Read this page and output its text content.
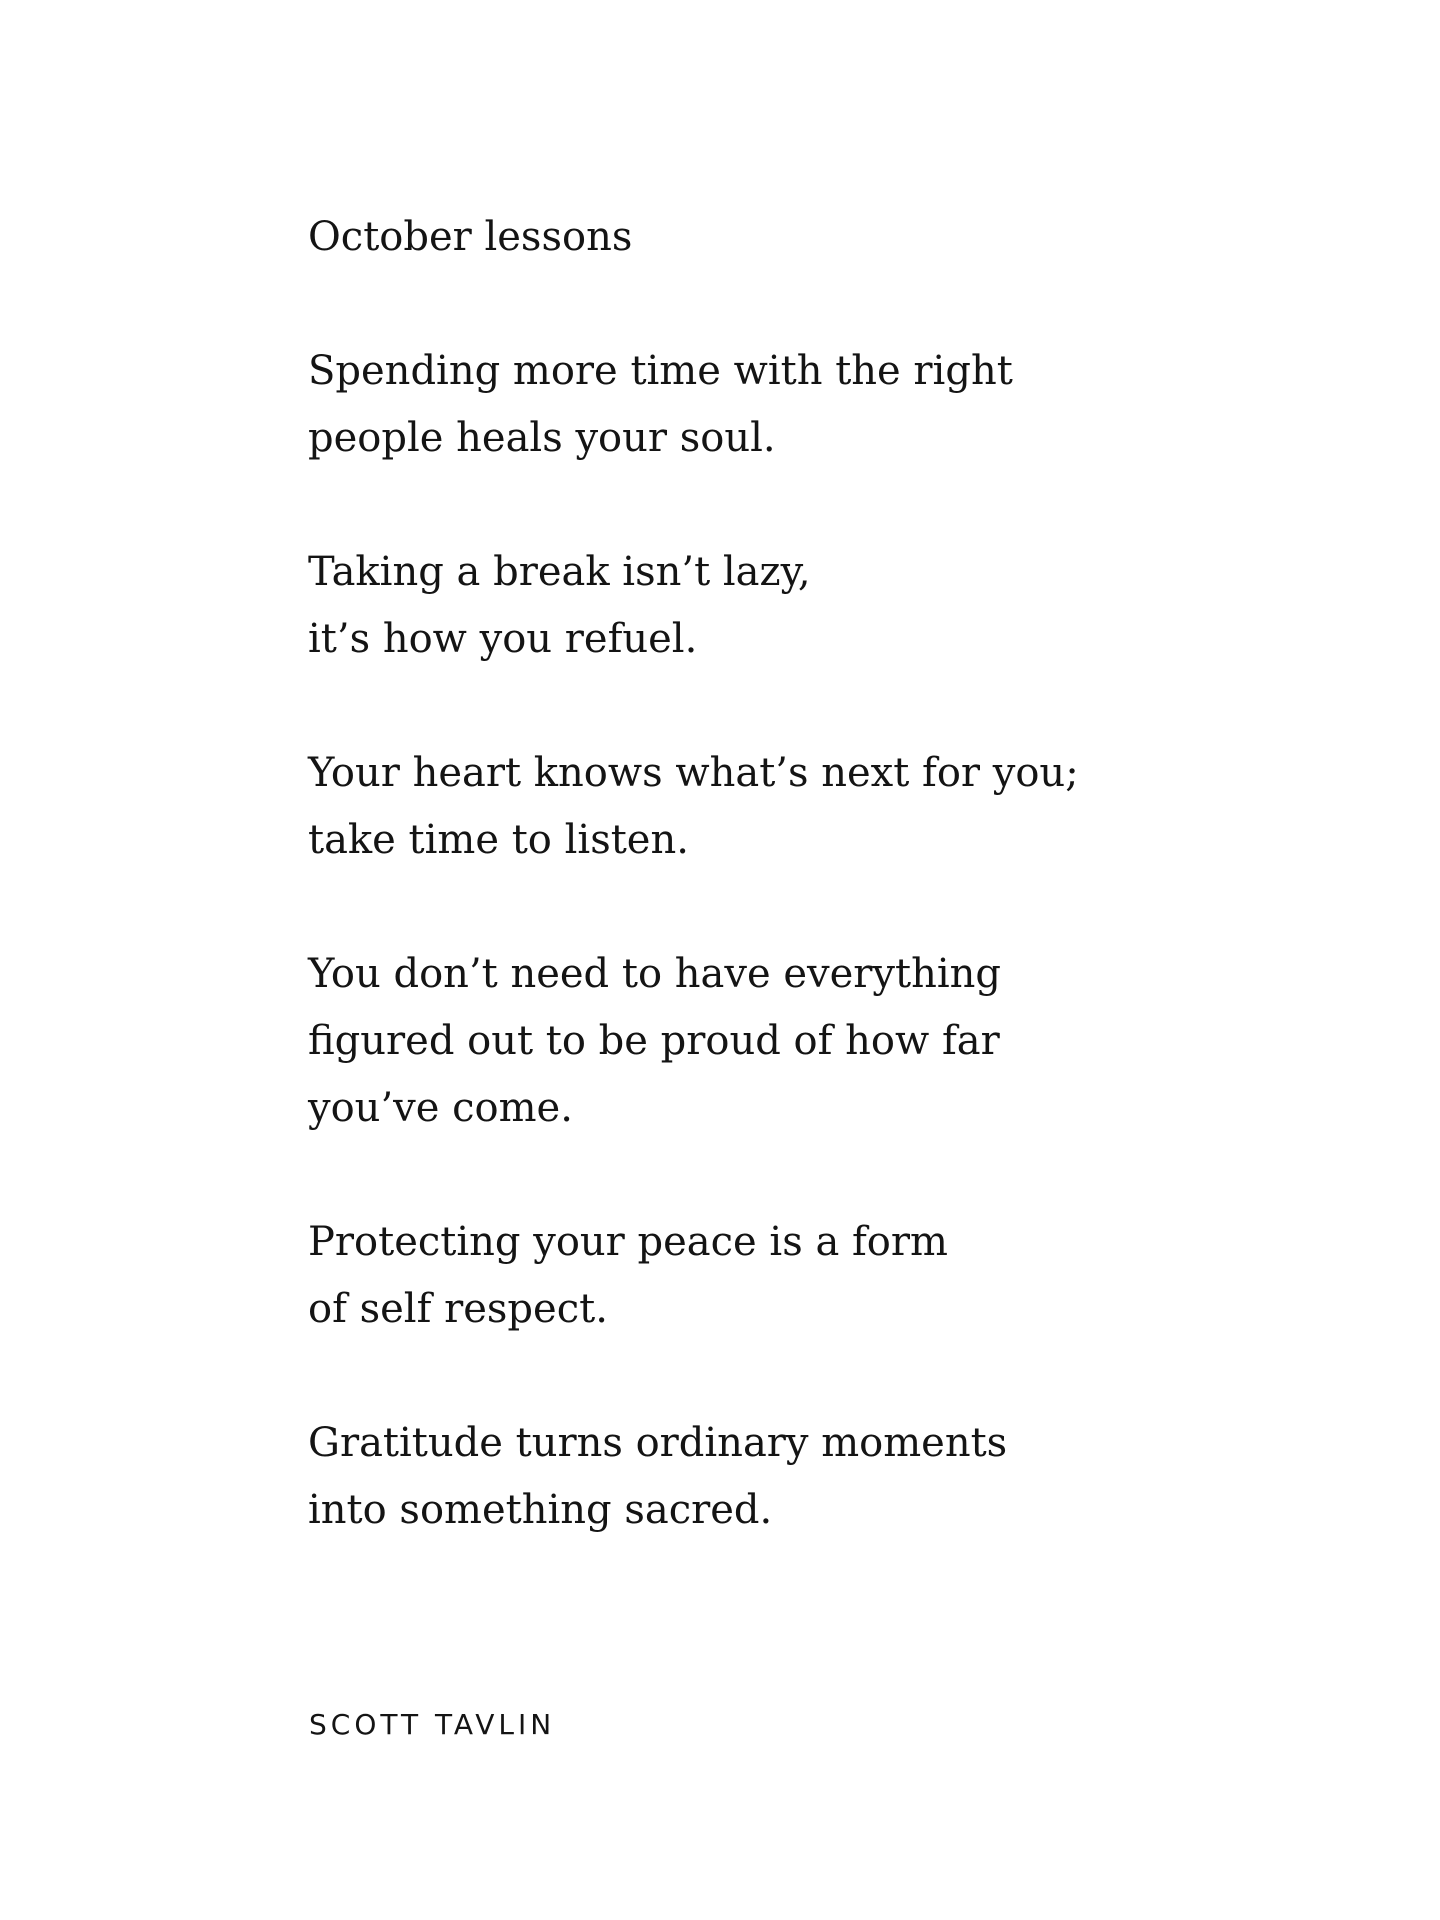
October lessons
Spending more time with the right
people heals your soul.
Taking a break isn’t lazy,
it’s how you refuel.
Your heart knows what’s next for you;
take time to listen.
You don’t need to have everything
figured out to be proud of how far
you’ve come.
Protecting your peace is a form
of self respect.
Gratitude turns ordinary moments
into something sacred.
SCOTT TAVLIN
